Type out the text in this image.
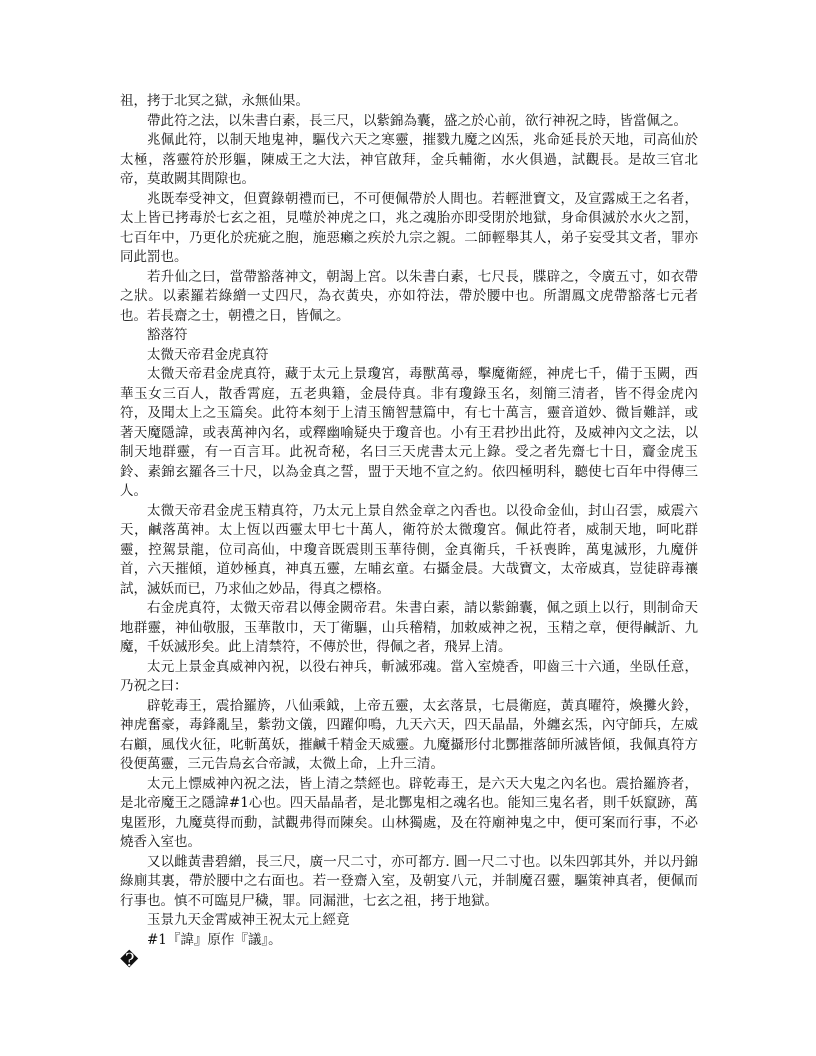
祖，拷于北冥之獄，永無仙果。

帶此符之法，以朱書白素，長三尺，以紫錦為囊，盛之於心前，欲行神祝之時，皆當佩之。

兆佩此符，以制天地鬼神，驅伐六天之寒靈，摧戮九魔之凶炁，兆命延長於天地，司高仙於太極，落靈符於形軀，陳威王之大法，神官啟拜，金兵輔衛，水火俱過，試觀長。是故三官北帝，莫敢闕其間隙也。

兆既奉受神文，但賣錄朝禮而已，不可便佩帶於人間也。若輕泄寶文，及宣露威王之名者，太上皆已拷毒於七玄之祖，見噬於神虎之口，兆之魂胎亦即受閉於地獄，身命俱滅於水火之罰，七百年中，乃更化於疣疵之胞，施惡癩之疾於九宗之親。二師輕舉其人，弟子妄受其文者，罪亦同此罰也。

若升仙之曰，當帶豁落神文，朝謁上宮。以朱書白素，七尺長，牒辟之，令廣五寸，如衣帶之狀。以素羅若綠繒一丈四尺，為衣黃央，亦如符法，帶於腰中也。所謂鳳文虎帶豁落七元者也。若長齋之士，朝禮之日，皆佩之。

豁落符

太微天帝君金虎真符

太微天帝君金虎真符，藏于太元上景瓊宮，毒獸萬尋，擊魔衛經，神虎七千，備于玉闕，西華玉女三百人，散香霄庭，五老典籍，金晨侍真。非有瓊錄玉名，刻簡三清者，皆不得金虎內符，及聞太上之玉篇矣。此符本刻于上清玉簡智慧篇中，有七十萬言，靈音道妙、微旨難詳，或著天魔隱諱，或表萬神內名，或釋幽喻疑央于瓊音也。小有王君抄出此符，及威神內文之法，以制天地群靈，有一百言耳。此祝奇秘，名曰三天虎書太元上錄。受之者先齋七十日，齎金虎玉鈴、素錦玄羅各三十尺，以為金真之誓，盟于天地不宣之約。依四極明科，聽使七百年中得傳三人。

太微天帝君金虎玉精真符，乃太元上景自然金章之內香也。以役命金仙，封山召雲，威震六天，鹹落萬神。太上恆以西靈太甲七十萬人，衛符於太微瓊宮。佩此符者，威制天地，呵叱群靈，控駕景龍，位司高仙，中瓊音既震則玉華待側，金真衛兵，千袄喪眸，萬鬼滅形，九魔併首，六天摧傾，道妙極真，神真五靈，左晡玄童。右攝金晨。大哉寶文，太帝威真，豈徒辟毒禳試，滅妖而已，乃求仙之妙品，得真之標格。

右金虎真符，太微天帝君以傳金闕帝君。朱書白素，請以紫錦囊，佩之頭上以行，則制命天地群靈，神仙敬服，玉華散巾，天丁衛驅，山兵稽精，加敕威神之祝，玉精之章，便得鹹訢、九魔，千妖滅形矣。此上清禁符，不傳於世，得佩之者，飛昇上清。

太元上景金真威神內祝，以役右神兵，斬滅邪魂。當入室燒香，叩齒三十六通，坐臥任意，乃祝之曰：

辟乾毒王，震拾羅旍，八仙乘鉞，上帝五靈，太玄落景，七晨衛庭，黃真曜符，煥攤火鈴，神虎奮豪，毒鋒亂呈，紫勃文儀，四躍仰鳴，九天六天，四天晶晶，外纏玄炁，內守師兵，左威右顧，風伐火征，叱斬萬妖，摧鹹千精金天威靈。九魔攝形付北酆摧落師所滅皆傾，我佩真符方役便萬靈，三元告鳥玄合帝誠，太微上命，上升三清。

太元上慓威神內祝之法，皆上清之禁經也。辟乾毒王，是六天大鬼之內名也。震拾羅旍者，是北帝魔王之隱諱#1心也。四天晶晶者，是北酆鬼相之魂名也。能知三鬼名者，則千妖竄跡，萬鬼匿形，九魔莫得而動，試觀弗得而陳矣。山林獨處，及在符廟神鬼之中，便可案而行事，不必燒香入室也。

又以雌黃書碧繒，長三尺，廣一尺二寸，亦可都方. 圓一尺二寸也。以朱四郭其外，并以丹錦綠廁其裏，帶於腰中之右面也。若一登齋入室，及朝宴八元，并制魔召靈，驅策神真者，便佩而行事也。慎不可臨見尸穢，罪。同漏泄，七玄之祖，拷于地獄。

玉景九天金霄威神王祝太元上經竟

#1『諱』原作『議』。

�
